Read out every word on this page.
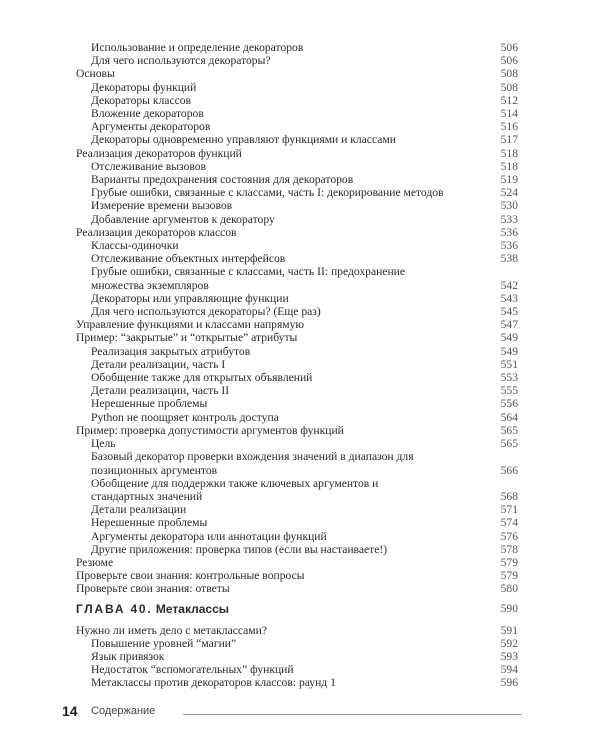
Использование и определение декораторов	506
Для чего используются декораторы?	506
Основы	508
Декораторы функций	508
Декораторы классов	512
Вложение декораторов	514
Аргументы декораторов	516
Декораторы одновременно управляют функциями и классами	517
Реализация декораторов функций	518
Отслеживание вызовов	518
Варианты предохранения состояния для декораторов	519
Грубые ошибки, связанные с классами, часть I: декорирование методов	524
Измерение времени вызовов	530
Добавление аргументов к декоратору	533
Реализация декораторов классов	536
Классы-одиночки	536
Отслеживание объектных интерфейсов	538
Грубые ошибки, связанные с классами, часть II: предохранение множества экземпляров	542
Декораторы или управляющие функции	543
Для чего используются декораторы? (Еще раз)	545
Управление функциями и классами напрямую	547
Пример: “закрытые” и “открытые” атрибуты	549
Реализация закрытых атрибутов	549
Детали реализации, часть I	551
Обобщение также для открытых объявлений	553
Детали реализации, часть II	555
Нерешенные проблемы	556
Python не поощряет контроль доступа	564
Пример: проверка допустимости аргументов функций	565
Цель	565
Базовый декоратор проверки вхождения значений в диапазон для позиционных аргументов	566
Обобщение для поддержки также ключевых аргументов и стандартных значений	568
Детали реализации	571
Нерешенные проблемы	574
Аргументы декоратора или аннотации функций	576
Другие приложения: проверка типов (если вы настаиваете!)	578
Резюме	579
Проверьте свои знания: контрольные вопросы	579
Проверьте свои знания: ответы	580
ГЛАВА 40. Метаклассы	590
Нужно ли иметь дело с метаклассами?	591
Повышение уровней “магии”	592
Язык привязок	593
Недостаток “вспомогательных” функций	594
Метаклассы против декораторов классов: раунд 1	596
14 Содержание
